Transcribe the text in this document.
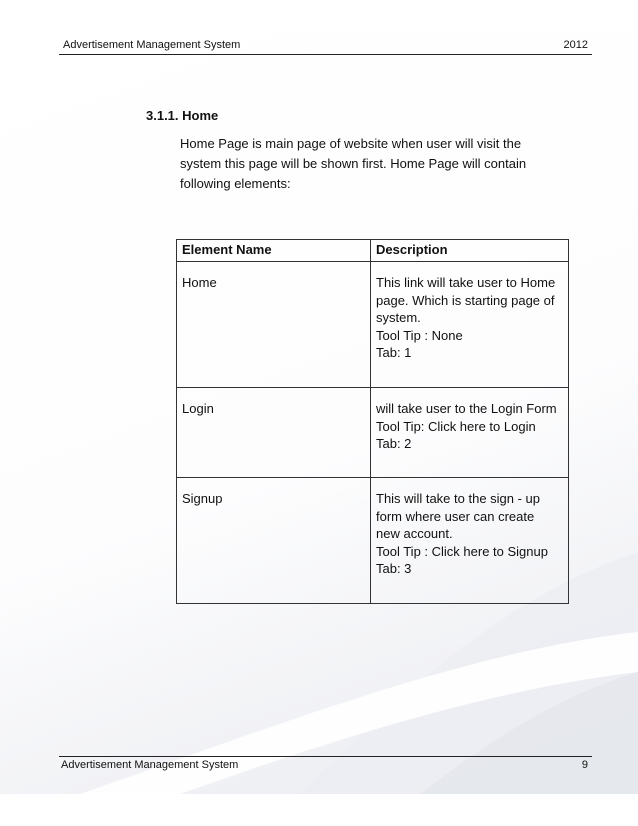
Advertisement Management System	2012
3.1.1. Home
Home Page is main page of website when user will visit the
system this page will be shown first. Home Page will contain
following elements:
Element Name	Description
Home	This link will take user to Home
page. Which is starting page of
system.
Tool Tip : None
Tab: 1

Login	will take user to the Login Form
Tool Tip: Click here to Login
Tab: 2

Signup	This will take to the sign - up
form where user can create
new account.
Tool Tip : Click here to Signup
Tab: 3
Advertisement Management System	9
